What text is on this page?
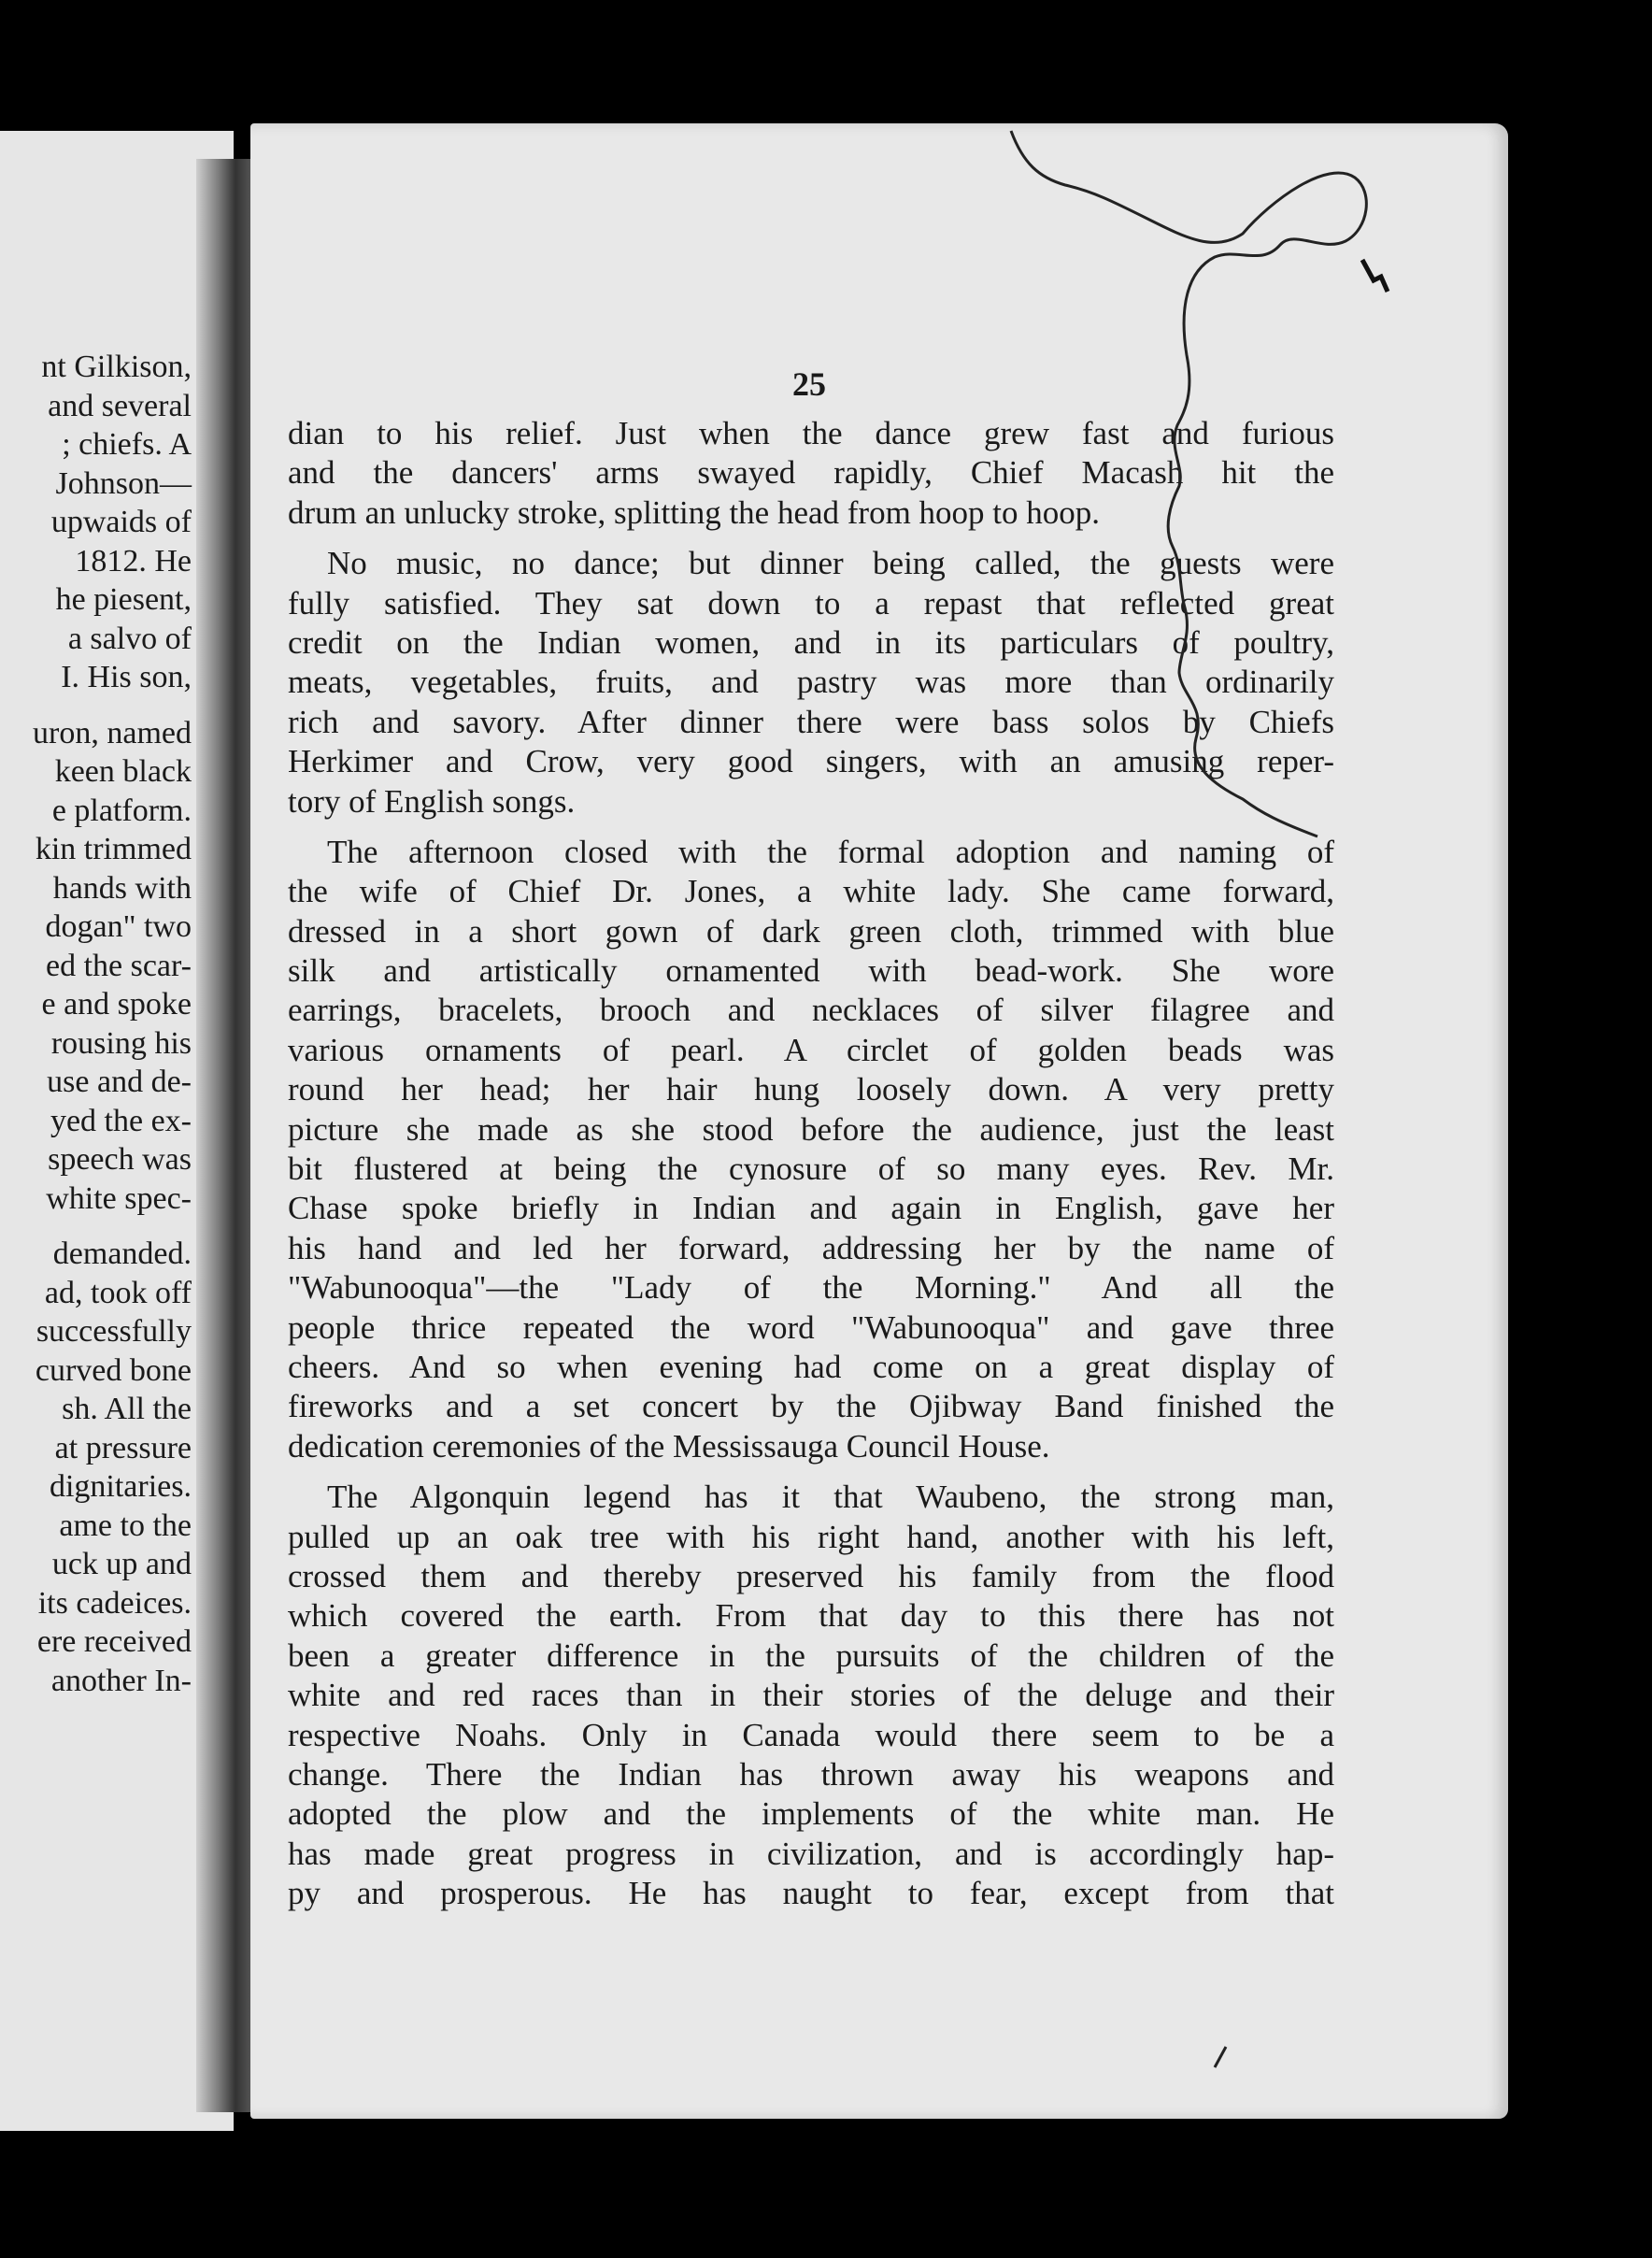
nt Gilkison,
and several
; chiefs. A
Johnson—
upwaids of
1812. He
he piesent,
a salvo of
I. His son,
uron, named
keen black
e platform.
kin trimmed
hands with
dogan" two
ed the scar-
e and spoke
rousing his
use and de-
yed the ex-
speech was
white spec-
demanded.
ad, took off
successfully
curved bone
sh. All the
at pressure
dignitaries.
ame to the
uck up and
its cadeices.
ere received
another In-
25
dian to his relief. Just when the dance grew fast and furious
and the dancers' arms swayed rapidly, Chief Macash hit the
drum an unlucky stroke, splitting the head from hoop to hoop.
No music, no dance; but dinner being called, the guests were
fully satisfied. They sat down to a repast that reflected great
credit on the Indian women, and in its particulars of poultry,
meats, vegetables, fruits, and pastry was more than ordinarily
rich and savory. After dinner there were bass solos by Chiefs
Herkimer and Crow, very good singers, with an amusing reper-
tory of English songs.
The afternoon closed with the formal adoption and naming of
the wife of Chief Dr. Jones, a white lady. She came forward,
dressed in a short gown of dark green cloth, trimmed with blue
silk and artistically ornamented with bead-work. She wore
earrings, bracelets, brooch and necklaces of silver filagree and
various ornaments of pearl. A circlet of golden beads was
round her head; her hair hung loosely down. A very pretty
picture she made as she stood before the audience, just the least
bit flustered at being the cynosure of so many eyes. Rev. Mr.
Chase spoke briefly in Indian and again in English, gave her
his hand and led her forward, addressing her by the name of
"Wabunooqua"—the "Lady of the Morning." And all the
people thrice repeated the word "Wabunooqua" and gave three
cheers. And so when evening had come on a great display of
fireworks and a set concert by the Ojibway Band finished the
dedication ceremonies of the Messissauga Council House.
The Algonquin legend has it that Waubeno, the strong man,
pulled up an oak tree with his right hand, another with his left,
crossed them and thereby preserved his family from the flood
which covered the earth. From that day to this there has not
been a greater difference in the pursuits of the children of the
white and red races than in their stories of the deluge and their
respective Noahs. Only in Canada would there seem to be a
change. There the Indian has thrown away his weapons and
adopted the plow and the implements of the white man. He
has made great progress in civilization, and is accordingly hap-
py and prosperous. He has naught to fear, except from that
